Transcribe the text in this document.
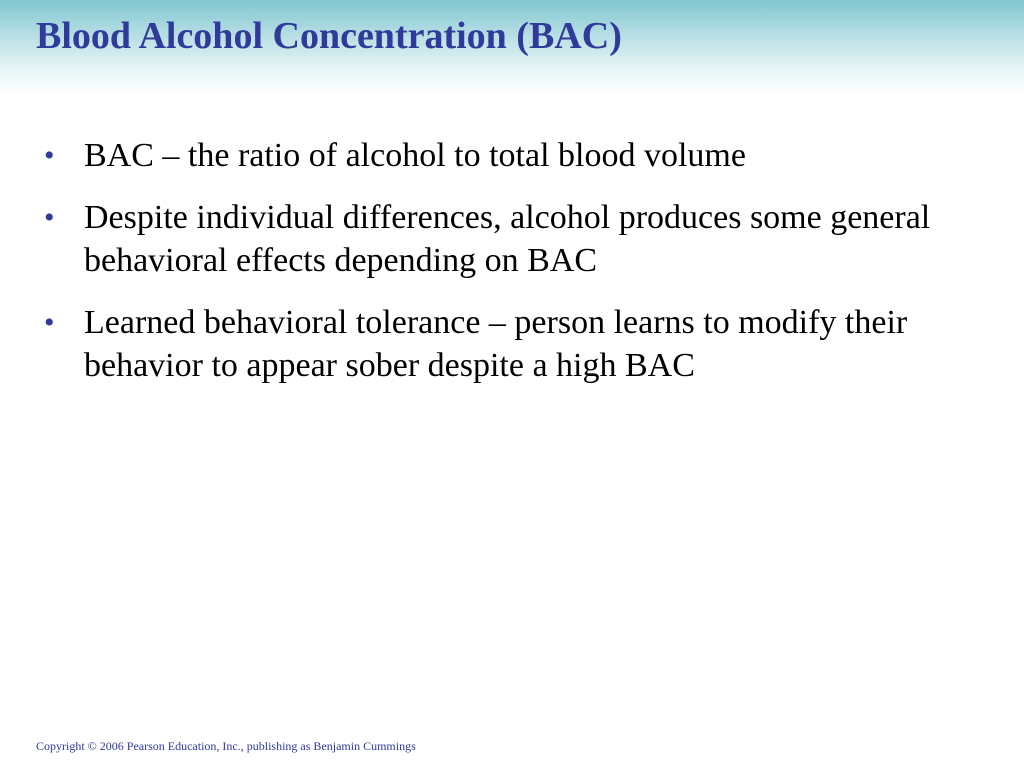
Blood Alcohol Concentration (BAC)
• BAC – the ratio of alcohol to total blood volume
• Despite individual differences, alcohol produces some general behavioral effects depending on BAC
• Learned behavioral tolerance – person learns to modify their behavior to appear sober despite a high BAC
Copyright © 2006 Pearson Education, Inc., publishing as Benjamin Cummings
